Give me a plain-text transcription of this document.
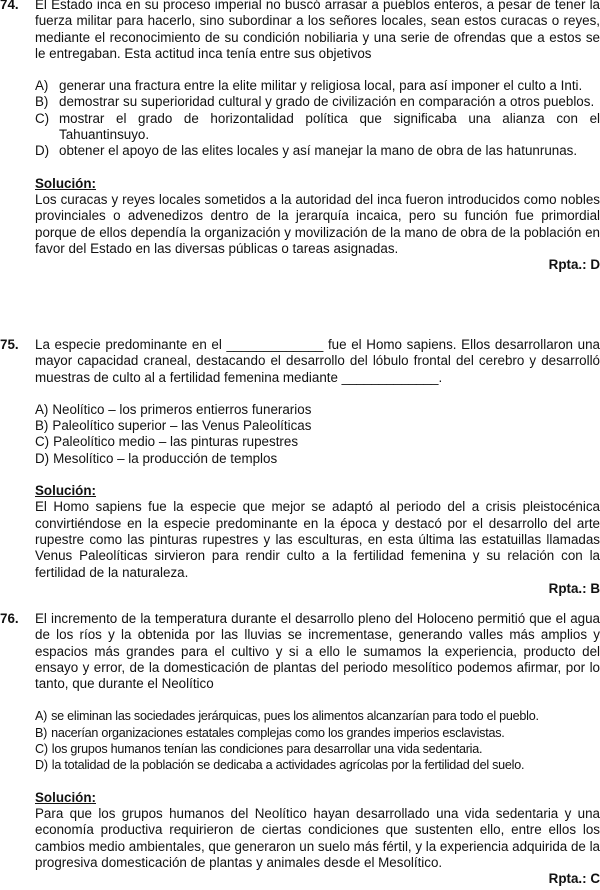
74.	El Estado inca en su proceso imperial no buscó arrasar a pueblos enteros, a pesar de tener la fuerza militar para hacerlo, sino subordinar a los señores locales, sean estos curacas o reyes, mediante el reconocimiento de su condición nobiliaria y una serie de ofrendas que a estos se le entregaban. Esta actitud inca tenía entre sus objetivos

A) generar una fractura entre la elite militar y religiosa local, para así imponer el culto a Inti.
B) demostrar su superioridad cultural y grado de civilización en comparación a otros pueblos.
C) mostrar el grado de horizontalidad política que significaba una alianza con el Tahuantinsuyo.
D) obtener el apoyo de las elites locales y así manejar la mano de obra de las hatunrunas.

Solución:

Los curacas y reyes locales sometidos a la autoridad del inca fueron introducidos como nobles provinciales o advenedizos dentro de la jerarquía incaica, pero su función fue primordial porque de ellos dependía la organización y movilización de la mano de obra de la población en favor del Estado en las diversas públicas o tareas asignadas.

Rpta.: D

75.	La especie predominante en el _____________ fue el Homo sapiens. Ellos desarrollaron una mayor capacidad craneal, destacando el desarrollo del lóbulo frontal del cerebro y desarrolló muestras de culto al a fertilidad femenina mediante _____________.

A) Neolítico – los primeros entierros funerarios
B) Paleolítico superior – las Venus Paleolíticas
C) Paleolítico medio – las pinturas rupestres
D) Mesolítico – la producción de templos

Solución:

El Homo sapiens fue la especie que mejor se adaptó al periodo del a crisis pleistocénica convirtiéndose en la especie predominante en la época y destacó por el desarrollo del arte rupestre como las pinturas rupestres y las esculturas, en esta última las estatuillas llamadas Venus Paleolíticas sirvieron para rendir culto a la fertilidad femenina y su relación con la fertilidad de la naturaleza.

Rpta.: B

76.	El incremento de la temperatura durante el desarrollo pleno del Holoceno permitió que el agua de los ríos y la obtenida por las lluvias se incrementase, generando valles más amplios y espacios más grandes para el cultivo y si a ello le sumamos la experiencia, producto del ensayo y error, de la domesticación de plantas del periodo mesolítico podemos afirmar, por lo tanto, que durante el Neolítico

A) se eliminan las sociedades jerárquicas, pues los alimentos alcanzarían para todo el pueblo.
B) nacerían organizaciones estatales complejas como los grandes imperios esclavistas.
C) los grupos humanos tenían las condiciones para desarrollar una vida sedentaria.
D) la totalidad de la población se dedicaba a actividades agrícolas por la fertilidad del suelo.

Solución:

Para que los grupos humanos del Neolítico hayan desarrollado una vida sedentaria y una economía productiva requirieron de ciertas condiciones que sustenten ello, entre ellos los cambios medio ambientales, que generaron un suelo más fértil, y la experiencia adquirida de la progresiva domesticación de plantas y animales desde el Mesolítico.

Rpta.: C
